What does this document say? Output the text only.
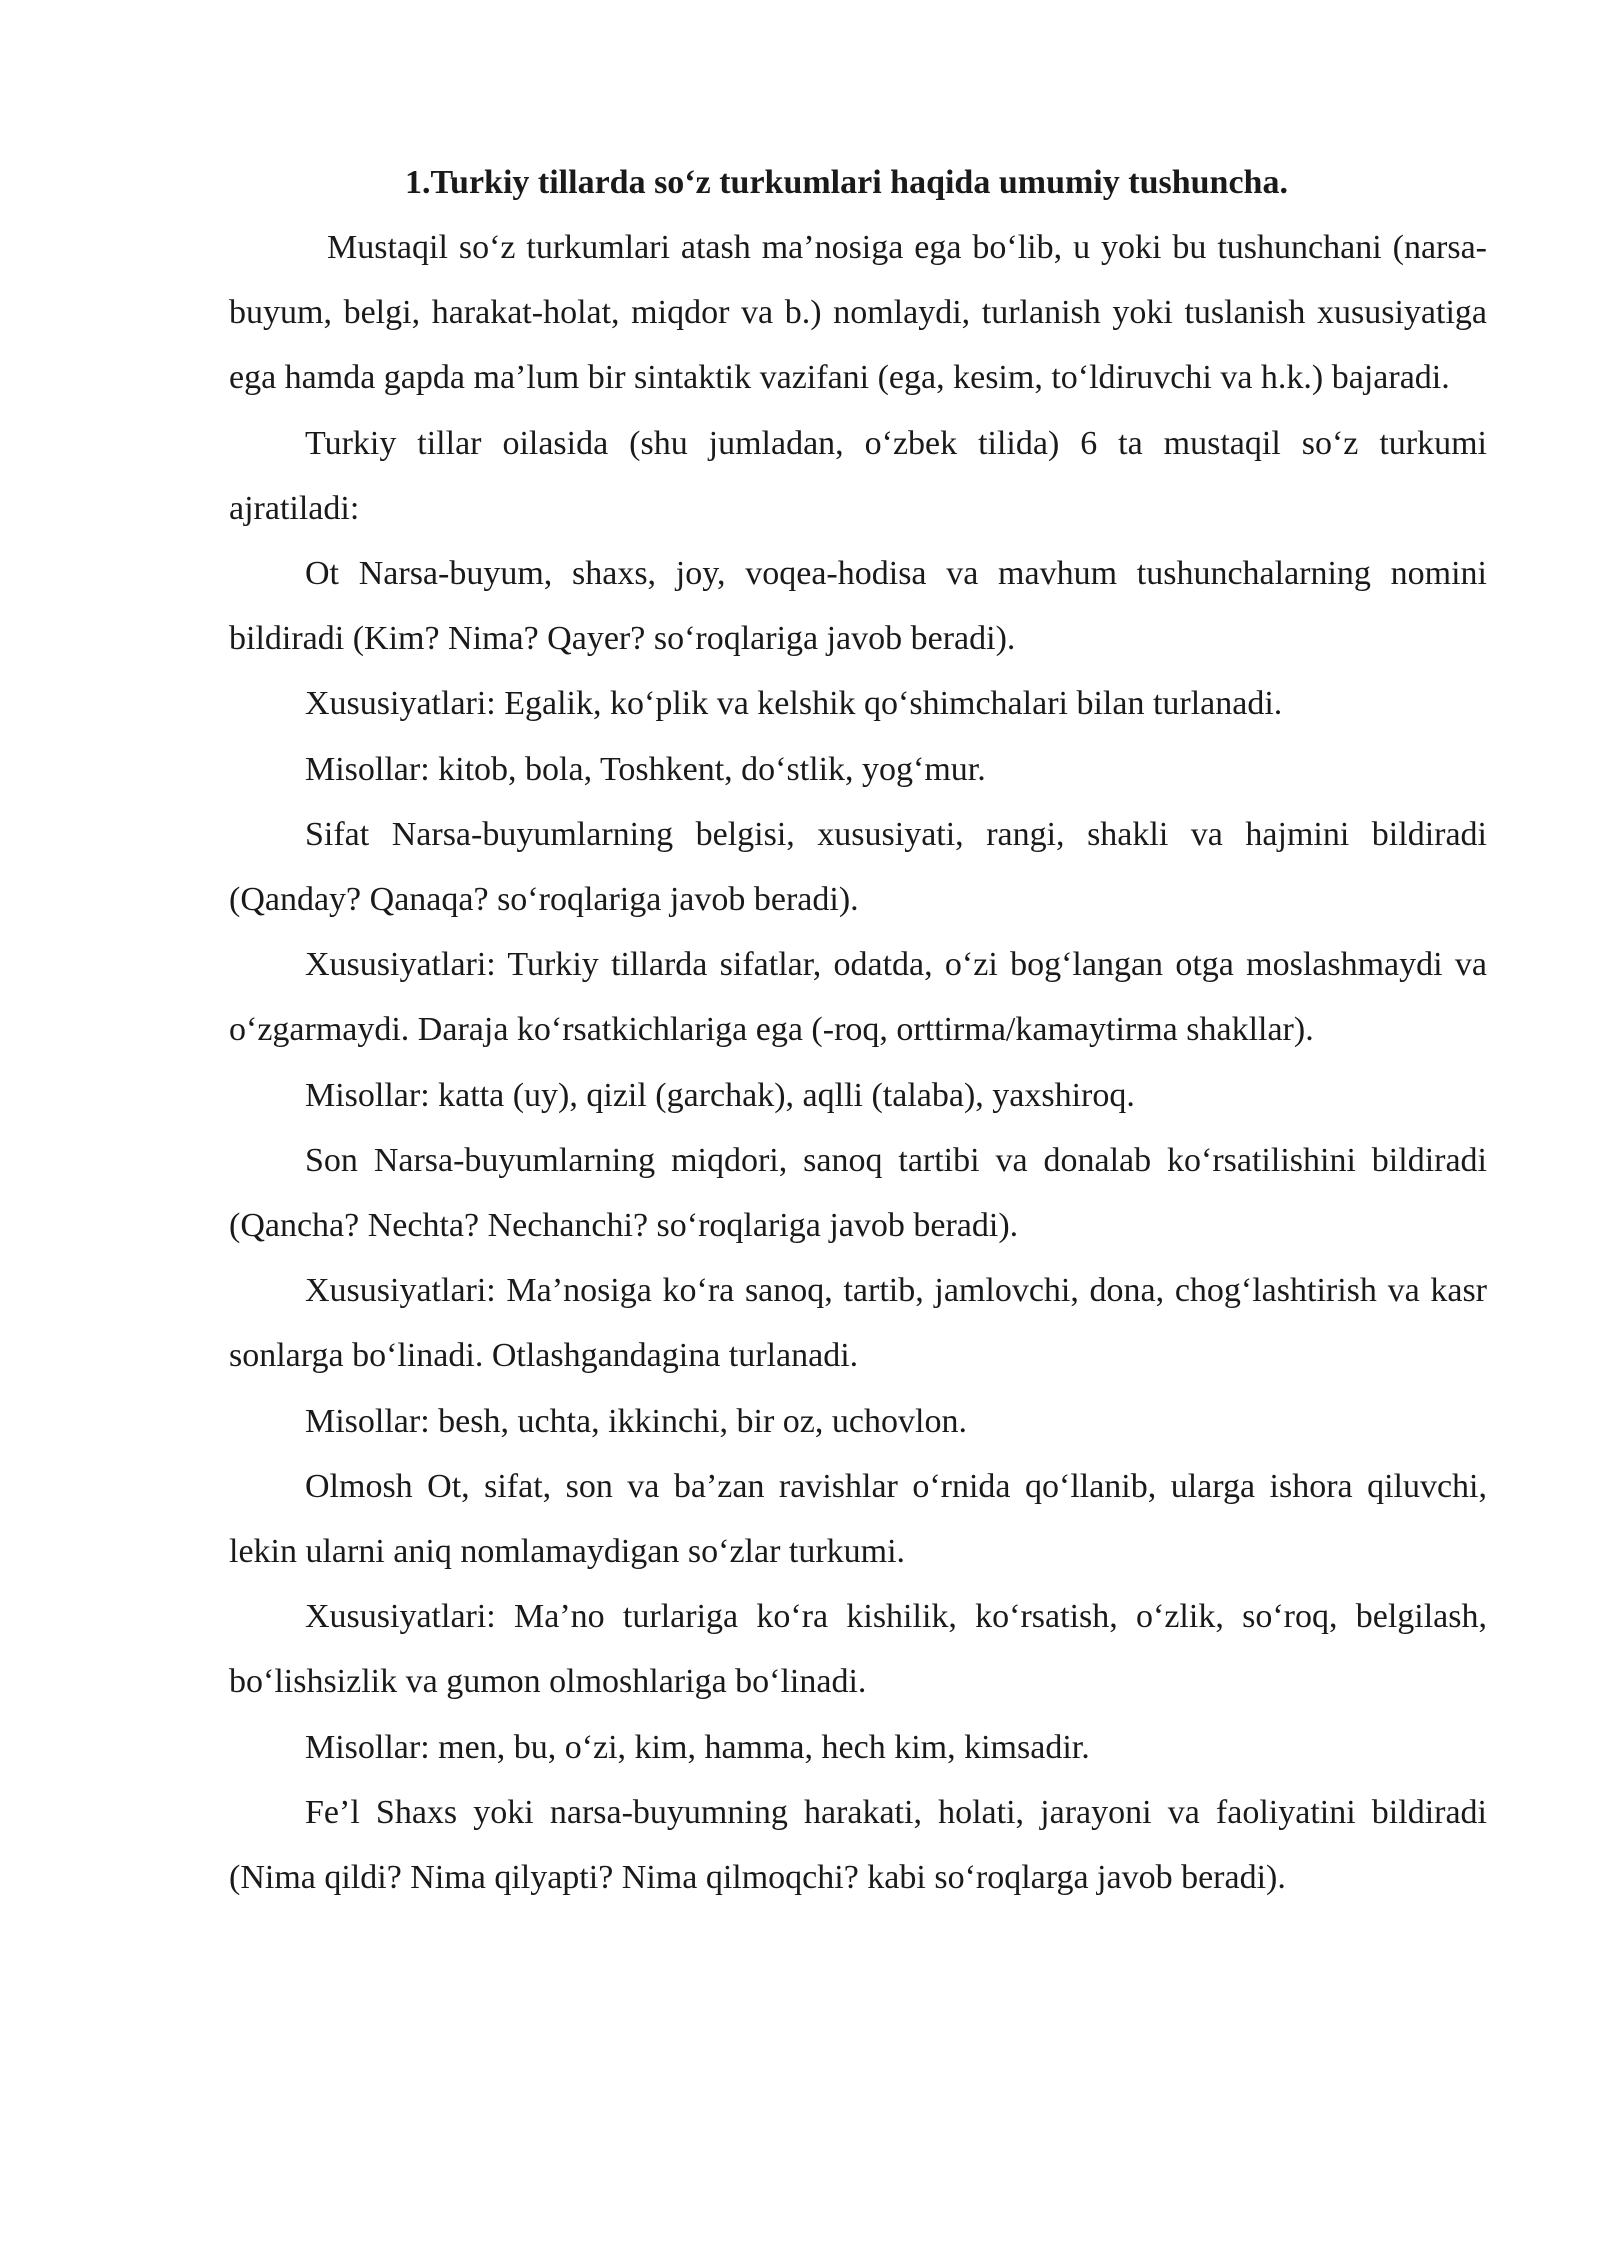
1.Turkiy tillarda so‘z turkumlari haqida umumiy tushuncha.

Mustaqil so‘z turkumlari atash ma’nosiga ega bo‘lib, u yoki bu tushunchani (narsa-buyum, belgi, harakat-holat, miqdor va b.) nomlaydi, turlanish yoki tuslanish xususiyatiga ega hamda gapda ma’lum bir sintaktik vazifani (ega, kesim, to‘ldiruvchi va h.k.) bajaradi.

Turkiy tillar oilasida (shu jumladan, o‘zbek tilida) 6 ta mustaqil so‘z turkumi ajratiladi:

Ot Narsa-buyum, shaxs, joy, voqea-hodisa va mavhum tushunchalarning nomini bildiradi (Kim? Nima? Qayer? so‘roqlariga javob beradi).

Xususiyatlari: Egalik, ko‘plik va kelshik qo‘shimchalari bilan turlanadi.

Misollar: kitob, bola, Toshkent, do‘stlik, yog‘mur.

Sifat Narsa-buyumlarning belgisi, xususiyati, rangi, shakli va hajmini bildiradi (Qanday? Qanaqa? so‘roqlariga javob beradi).

Xususiyatlari: Turkiy tillarda sifatlar, odatda, o‘zi bog‘langan otga moslashmaydi va o‘zgarmaydi. Daraja ko‘rsatkichlariga ega (-roq, orttirma/kamaytirma shakllar).

Misollar: katta (uy), qizil (garchak), aqlli (talaba), yaxshiroq.

Son Narsa-buyumlarning miqdori, sanoq tartibi va donalab ko‘rsatilishini bildiradi (Qancha? Nechta? Nechanchi? so‘roqlariga javob beradi).

Xususiyatlari: Ma’nosiga ko‘ra sanoq, tartib, jamlovchi, dona, chog‘lashtirish va kasr sonlarga bo‘linadi. Otlashgandagina turlanadi.

Misollar: besh, uchta, ikkinchi, bir oz, uchovlon.

Olmosh Ot, sifat, son va ba’zan ravishlar o‘rnida qo‘llanib, ularga ishora qiluvchi, lekin ularni aniq nomlamaydigan so‘zlar turkumi.

Xususiyatlari: Ma’no turlariga ko‘ra kishilik, ko‘rsatish, o‘zlik, so‘roq, belgilash, bo‘lishsizlik va gumon olmoshlariga bo‘linadi.

Misollar: men, bu, o‘zi, kim, hamma, hech kim, kimsadir.

Fe’l Shaxs yoki narsa-buyumning harakati, holati, jarayoni va faoliyatini bildiradi (Nima qildi? Nima qilyapti? Nima qilmoqchi? kabi so‘roqlarga javob beradi).
